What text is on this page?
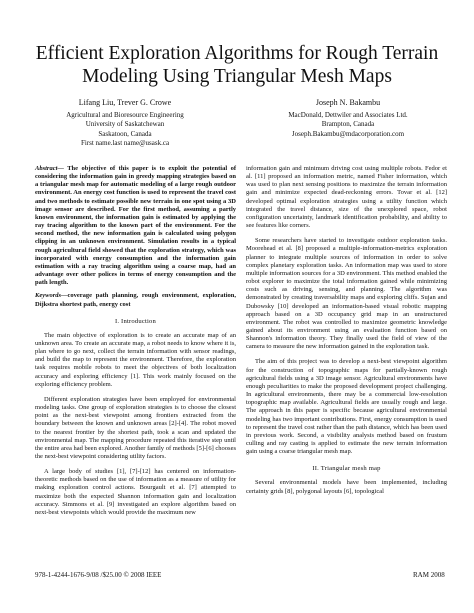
Efficient Exploration Algorithms for Rough Terrain Modeling Using Triangular Mesh Maps
Lifang Liu, Trever G. Crowe
Agricultural and Bioresource Engineering
University of Saskatchewan
Saskatoon, Canada
First name.last name@usask.ca
Joseph N. Bakambu
MacDonald, Dettwiler and Associates Ltd.
Brampton, Canada
Joseph.Bakambu@mdacorporation.com

Abstract— The objective of this paper is to exploit the potential of considering the information gain in greedy mapping strategies based on a triangular mesh map for automatic modeling of a large rough outdoor environment. An energy cost function is used to represent the travel cost and two methods to estimate possible new terrain in one spot using a 3D image sensor are described. For the first method, assuming a partly known environment, the information gain is estimated by applying the ray tracing algorithm to the known part of the environment. For the second method, the new information gain is calculated using polygon clipping in an unknown environment. Simulation results in a typical rough agricultural field showed that the exploration strategy, which was incorporated with energy consumption and the information gain estimation with a ray tracing algorithm using a coarse map, had an advantage over other polices in terms of energy consumption and the path length.

Keywords—coverage path planning, rough environment, exploration, Dijkstra shortest path, energy cost

I. Introduction

The main objective of exploration is to create an accurate map of an unknown area. To create an accurate map, a robot needs to know where it is, plan where to go next, collect the terrain information with sensor readings, and build the map to represent the environment. Therefore, the exploration task requires mobile robots to meet the objectives of both localization accuracy and exploring efficiency [1]. This work mainly focused on the exploring efficiency problem.

Different exploration strategies have been employed for environmental modeling tasks. One group of exploration strategies is to choose the closest point as the next-best viewpoint among frontiers extracted from the boundary between the known and unknown areas [2]-[4]. The robot moved to the nearest frontier by the shortest path, took a scan and updated the environmental map. The mapping procedure repeated this iterative step until the entire area had been explored. Another family of methods [5]-[6] chooses the next-best viewpoint considering utility factors.

A large body of studies [1], [7]-[12] has centered on information-theoretic methods based on the use of information as a measure of utility for making exploration control actions. Bourgault et al. [7] attempted to maximize both the expected Shannon information gain and localization accuracy. Simmons et al. [9] investigated an explore algorithm based on next-best viewpoints which would provide the maximum new

information gain and minimum driving cost using multiple robots. Fedor et al. [11] proposed an information metric, named Fisher information, which was used to plan next sensing positions to maximize the terrain information gain and minimize expected dead-reckoning errors. Tovar et al. [12] developed optimal exploration strategies using a utility function which integrated the travel distance, size of the unexplored space, robot configuration uncertainty, landmark identification probability, and ability to see features like corners.

Some researchers have started to investigate outdoor exploration tasks. Moorehead et al. [8] proposed a multiple-information-metrics exploration planner to integrate multiple sources of information in order to solve complex planetary exploration tasks. An information map was used to store multiple information sources for a 3D environment. This method enabled the robot explorer to maximize the total information gained while minimizing costs such as driving, sensing, and planning. The algorithm was demonstrated by creating traversability maps and exploring cliffs. Sujan and Dubowsky [10] developed an information-based visual robotic mapping approach based on a 3D occupancy grid map in an unstructured environment. The robot was controlled to maximize geometric knowledge gained about its environment using an evaluation function based on Shannon's information theory. They finally used the field of view of the camera to measure the new information gained in the exploration task.

The aim of this project was to develop a next-best viewpoint algorithm for the construction of topographic maps for partially-known rough agricultural fields using a 3D image sensor. Agricultural environments have enough peculiarities to make the proposed development project challenging. In agricultural environments, there may be a commercial low-resolution topographic map available. Agricultural fields are usually rough and large. The approach in this paper is specific because agricultural environmental modeling has two important contributions. First, energy consumption is used to represent the travel cost rather than the path distance, which has been used in previous work. Second, a visibility analysis method based on frustum culling and ray casting is applied to estimate the new terrain information gain using a coarse triangular mesh map.

II. Triangular mesh map

Several environmental models have been implemented, including certainty grids [8], polygonal layouts [6], topological

978-1-4244-1676-9/08 /$25.00 © 2008 IEEE	RAM 2008
